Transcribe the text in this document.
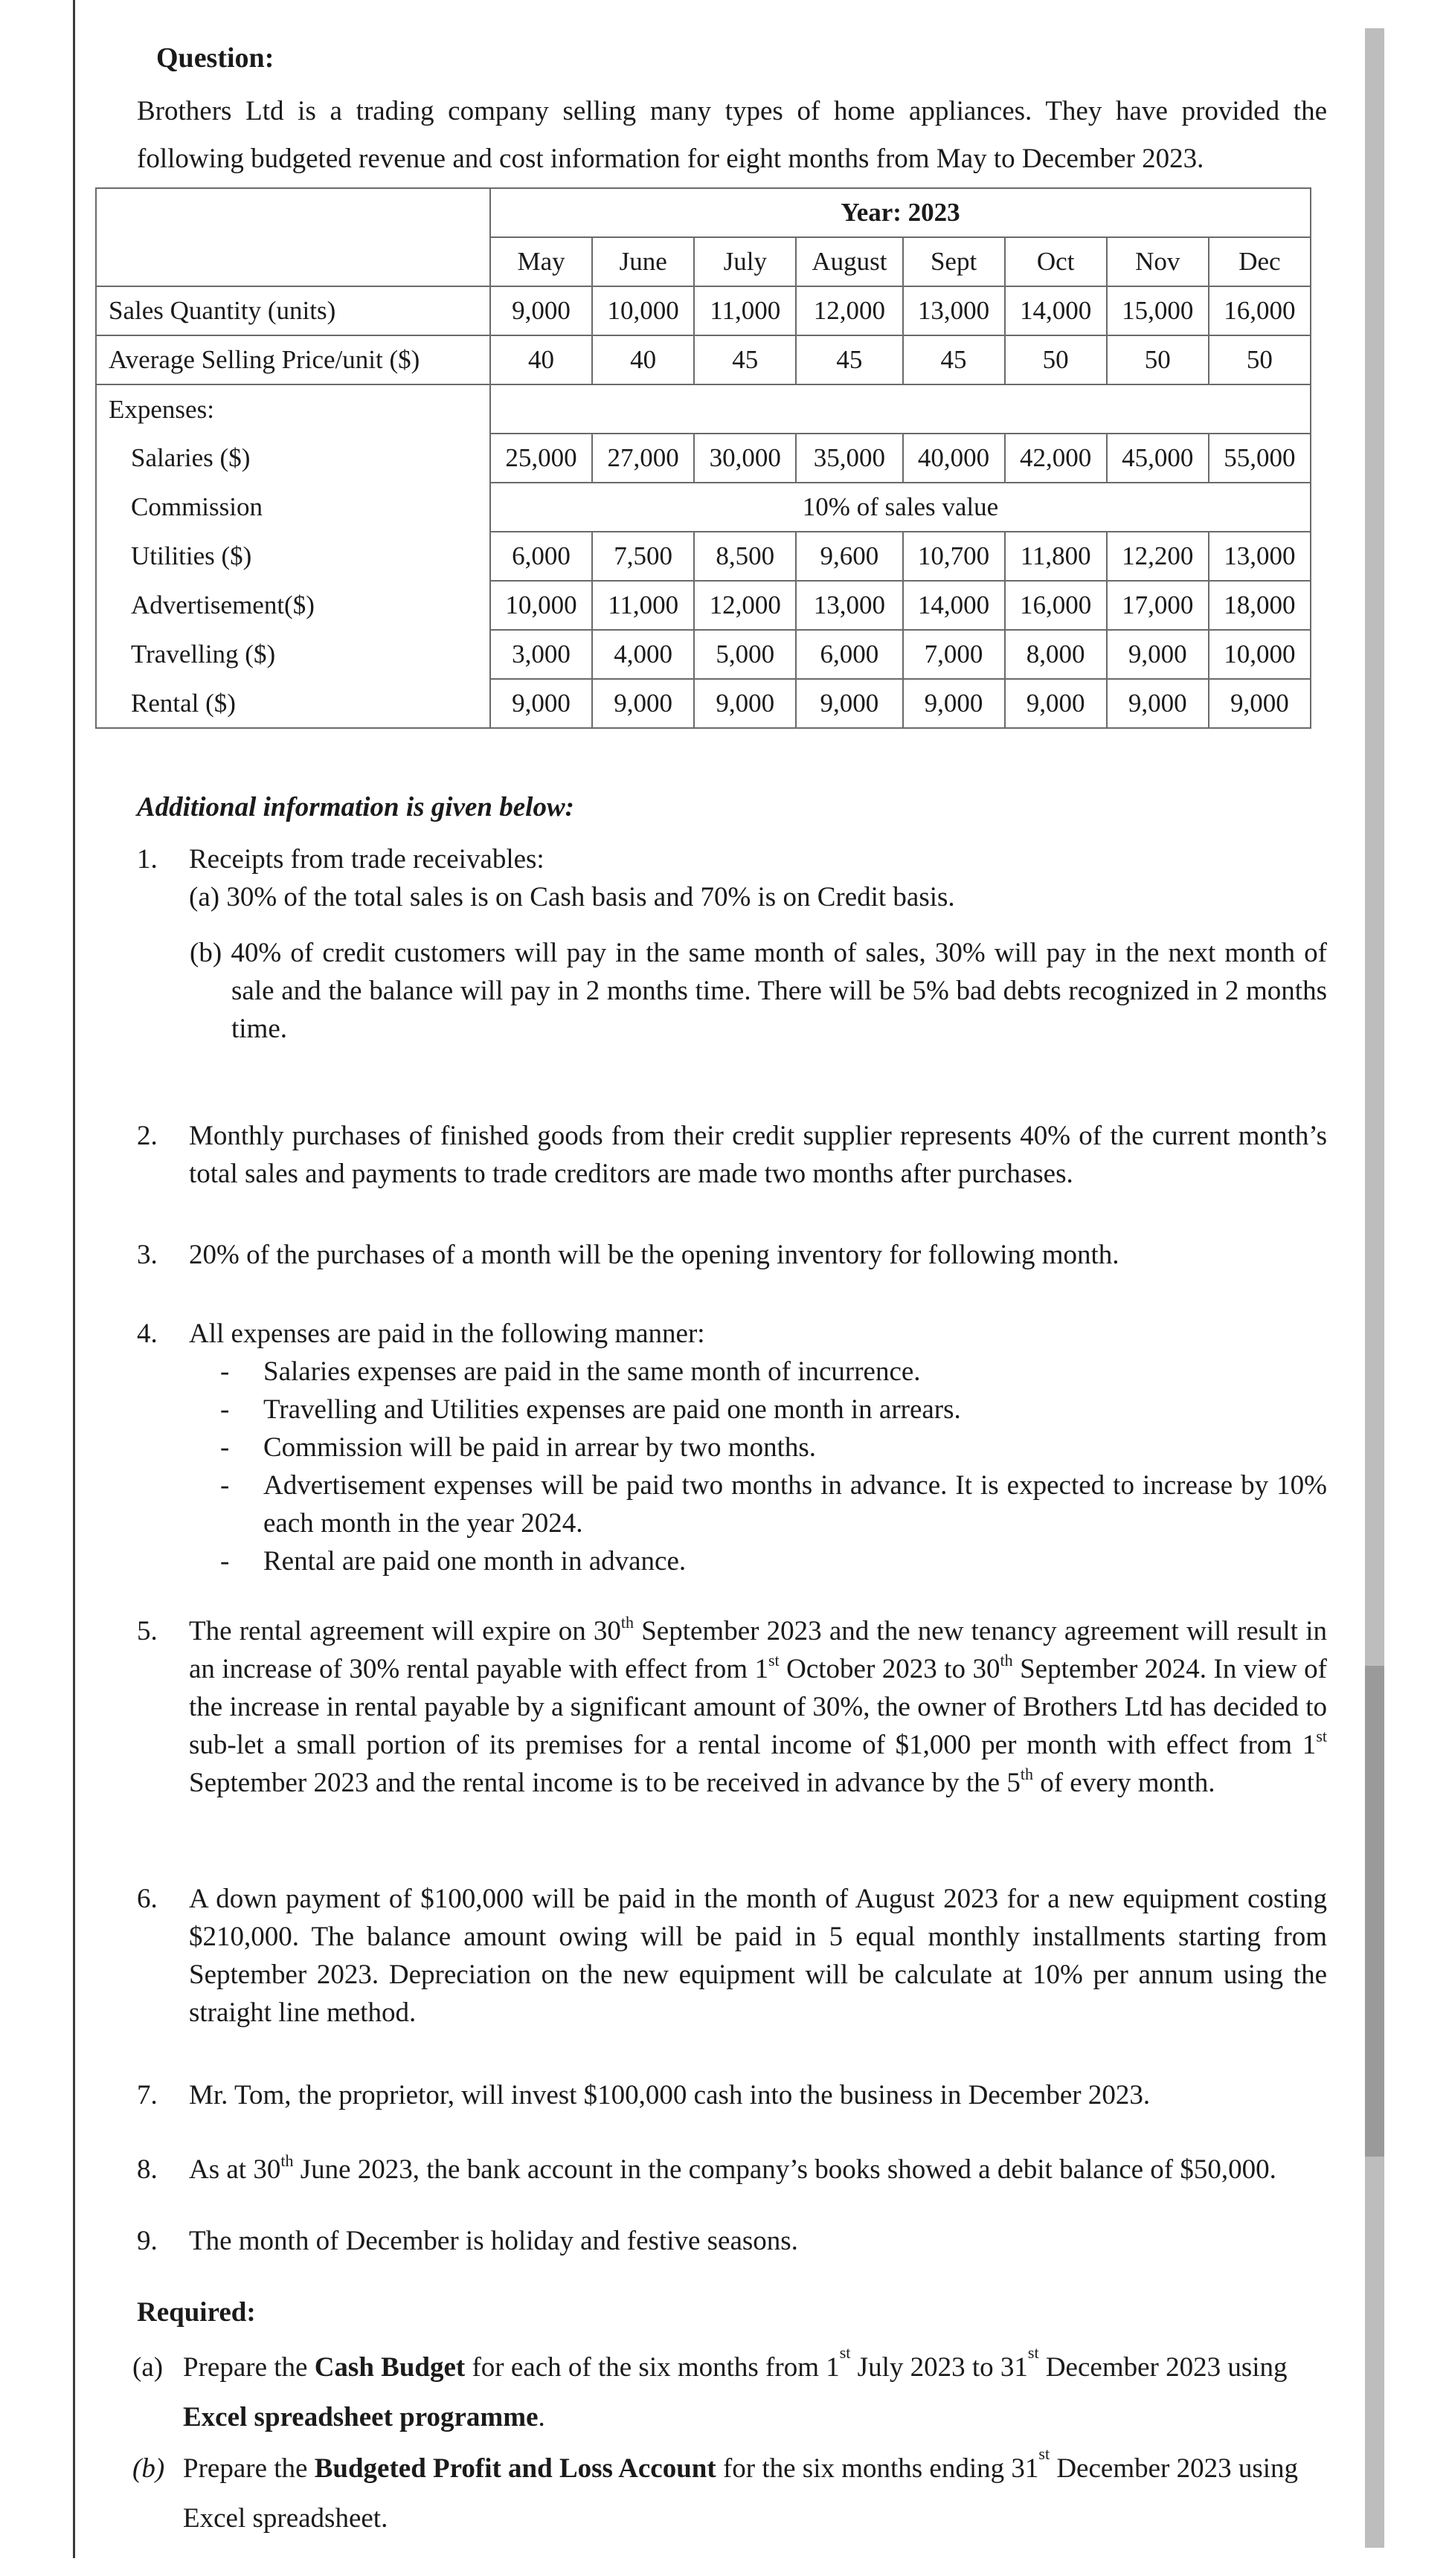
Question:
Brothers Ltd is a trading company selling many types of home appliances. They have provided the following budgeted revenue and cost information for eight months from May to December 2023.
	Year: 2023							
	May	June	July	August	Sept	Oct	Nov	Dec
Sales Quantity (units)	9,000	10,000	11,000	12,000	13,000	14,000	15,000	16,000
Average Selling Price/unit ($)	40	40	45	45	45	50	50	50
Expenses:								
Salaries ($)	25,000	27,000	30,000	35,000	40,000	42,000	45,000	55,000
Commission	10% of sales value							
Utilities ($)	6,000	7,500	8,500	9,600	10,700	11,800	12,200	13,000
Advertisement($)	10,000	11,000	12,000	13,000	14,000	16,000	17,000	18,000
Travelling ($)	3,000	4,000	5,000	6,000	7,000	8,000	9,000	10,000
Rental ($)	9,000	9,000	9,000	9,000	9,000	9,000	9,000	9,000
Additional information is given below:
1. Receipts from trade receivables:
(a) 30% of the total sales is on Cash basis and 70% is on Credit basis.
(b) 40% of credit customers will pay in the same month of sales, 30% will pay in the next month of sale and the balance will pay in 2 months time. There will be 5% bad debts recognized in 2 months time.
2. Monthly purchases of finished goods from their credit supplier represents 40% of the current month’s total sales and payments to trade creditors are made two months after purchases.
3. 20% of the purchases of a month will be the opening inventory for following month.
4. All expenses are paid in the following manner:
- Salaries expenses are paid in the same month of incurrence.
- Travelling and Utilities expenses are paid one month in arrears.
- Commission will be paid in arrear by two months.
- Advertisement expenses will be paid two months in advance. It is expected to increase by 10% each month in the year 2024.
- Rental are paid one month in advance.
5. The rental agreement will expire on 30th September 2023 and the new tenancy agreement will result in an increase of 30% rental payable with effect from 1st October 2023 to 30th September 2024. In view of the increase in rental payable by a significant amount of 30%, the owner of Brothers Ltd has decided to sub-let a small portion of its premises for a rental income of $1,000 per month with effect from 1st September 2023 and the rental income is to be received in advance by the 5th of every month.
6. A down payment of $100,000 will be paid in the month of August 2023 for a new equipment costing $210,000. The balance amount owing will be paid in 5 equal monthly installments starting from September 2023. Depreciation on the new equipment will be calculate at 10% per annum using the straight line method.
7. Mr. Tom, the proprietor, will invest $100,000 cash into the business in December 2023.
8. As at 30th June 2023, the bank account in the company’s books showed a debit balance of $50,000.
9. The month of December is holiday and festive seasons.
Required:
(a) Prepare the Cash Budget for each of the six months from 1st July 2023 to 31st December 2023 using Excel spreadsheet programme.
(b) Prepare the Budgeted Profit and Loss Account for the six months ending 31st December 2023 using Excel spreadsheet.
